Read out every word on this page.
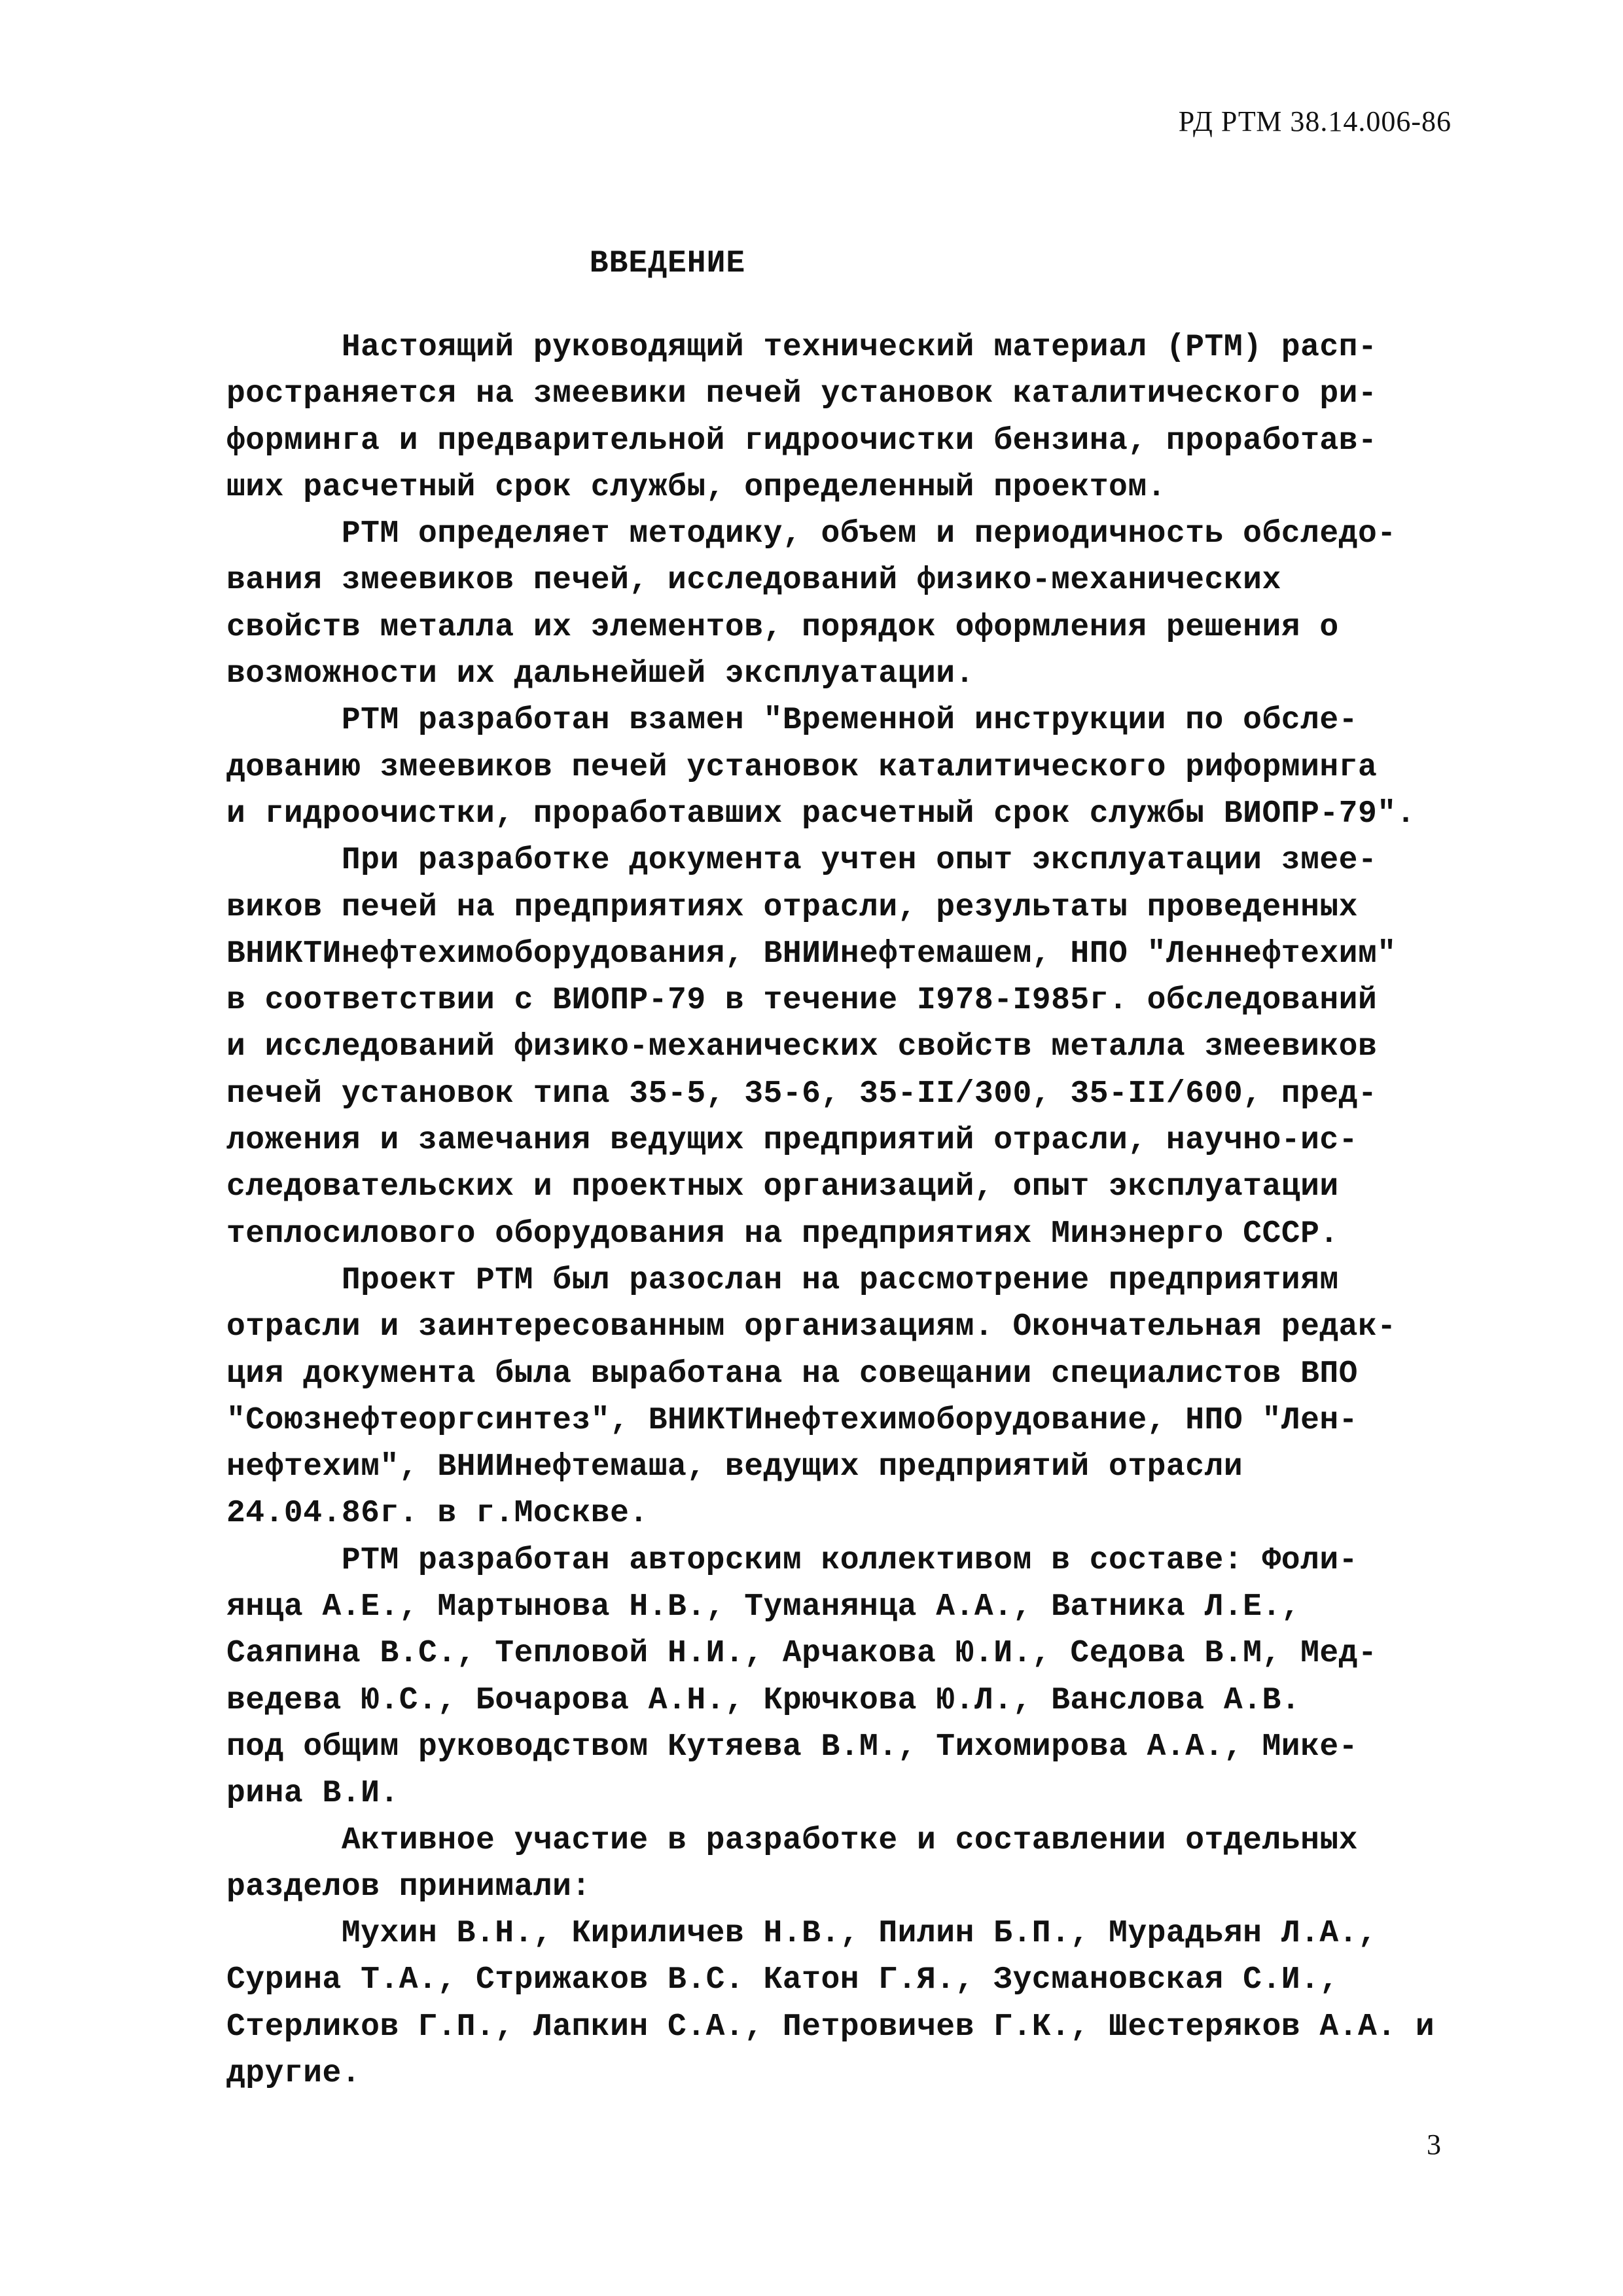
РД РТМ 38.14.006-86
ВВЕДЕНИЕ
Настоящий руководящий технический материал (РТМ) расп-
ространяется на змеевики печей установок каталитического ри-
форминга и предварительной гидроочистки бензина, проработав-
ших расчетный срок службы, определенный проектом.
РТМ определяет методику, объем и периодичность обследо-
вания змеевиков печей, исследований физико-механических
свойств металла их элементов, порядок оформления решения о
возможности их дальнейшей эксплуатации.
РТМ разработан взамен "Временной инструкции по обсле-
дованию змеевиков печей установок каталитического риформинга
и гидроочистки, проработавших расчетный срок службы ВИОПР-79".
При разработке документа учтен опыт эксплуатации змее-
виков печей на предприятиях отрасли, результаты проведенных
ВНИКТИнефтехимоборудования, ВНИИнефтемашем, НПО "Леннефтехим"
в соответствии с ВИОПР-79 в течение I978-I985г. обследований
и исследований физико-механических свойств металла змеевиков
печей установок типа 35-5, 35-6, 35-II/300, 35-II/600, пред-
ложения и замечания ведущих предприятий отрасли, научно-ис-
следовательских и проектных организаций, опыт эксплуатации
теплосилового оборудования на предприятиях Минэнерго СССР.
Проект РТМ был разослан на рассмотрение предприятиям
отрасли и заинтересованным организациям. Окончательная редак-
ция документа была выработана на совещании специалистов ВПО
"Союзнефтеоргсинтез", ВНИКТИнефтехимоборудование, НПО "Лен-
нефтехим", ВНИИнефтемаша, ведущих предприятий отрасли
24.04.86г. в г.Москве.
РТМ разработан авторским коллективом в составе: Фоли-
янца А.Е., Мартынова Н.В., Туманянца А.А., Ватника Л.Е.,
Саяпина В.С., Тепловой Н.И., Арчакова Ю.И., Седова В.М, Мед-
ведева Ю.С., Бочарова А.Н., Крючкова Ю.Л., Ванслова А.В.
под общим руководством Кутяева В.М., Тихомирова А.А., Мике-
рина В.И.
Активное участие в разработке и составлении отдельных
разделов принимали:
Мухин В.Н., Кириличев Н.В., Пилин Б.П., Мурадьян Л.А.,
Сурина Т.А., Стрижаков В.С. Катон Г.Я., Зусмановская С.И.,
Стерликов Г.П., Лапкин С.А., Петровичев Г.К., Шестеряков А.А. и
другие.
3
